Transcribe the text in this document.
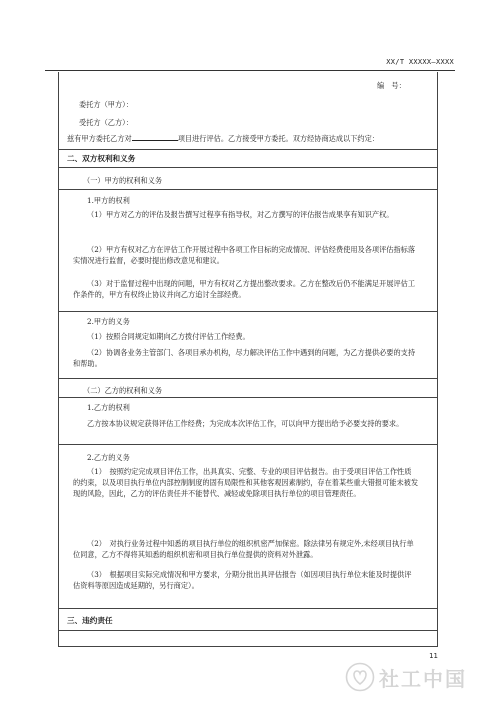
XX/T XXXXX—XXXX
编　号：
委托方（甲方）：
受托方（乙方）：
兹有甲方委托乙方对	项目进行评估。乙方接受甲方委托。双方经协商达成以下约定：
二、双方权利和义务
（一）甲方的权利和义务
1.甲方的权利
（1）甲方对乙方的评估及报告撰写过程享有指导权，对乙方撰写的评估报告成果享有知识产权。
（2）甲方有权对乙方在评估工作开展过程中各项工作目标的完成情况、评估经费使用及各项评估指标落实情况进行监督，必要时提出修改意见和建议。
（3）对于监督过程中出现的问题，甲方有权对乙方提出整改要求。乙方在整改后仍不能满足开展评估工作条件的，甲方有权终止协议并向乙方追讨全部经费。
2.甲方的义务
（1）按照合同规定如期向乙方拨付评估工作经费。
（2）协调各业务主管部门、各项目承办机构，尽力解决评估工作中遇到的问题，为乙方提供必要的支持和帮助。
（二）乙方的权利和义务
1.乙方的权利
乙方按本协议规定获得评估工作经费；为完成本次评估工作，可以向甲方提出给予必要支持的要求。
2.乙方的义务
（1）　按照约定完成项目评估工作，出具真实、完整、专业的项目评估报告。由于受项目评估工作性质的约束，以及项目执行单位内部控制制度的固有局限性和其他客观因素制约，存在着某些重大错报可能未被发现的风险，因此，乙方的评估责任并不能替代、减轻或免除项目执行单位的项目管理责任。
（2）　对执行业务过程中知悉的项目执行单位的组织机密严加保密。除法律另有规定外,未经项目执行单位同意，乙方不得将其知悉的组织机密和项目执行单位提供的资料对外泄露。
（3）　根据项目实际完成情况和甲方要求，分期分批出具评估报告（如因项目执行单位未能及时提供评估资料等原因造成延期的，另行商定）。
三、违约责任
11
社工中国
